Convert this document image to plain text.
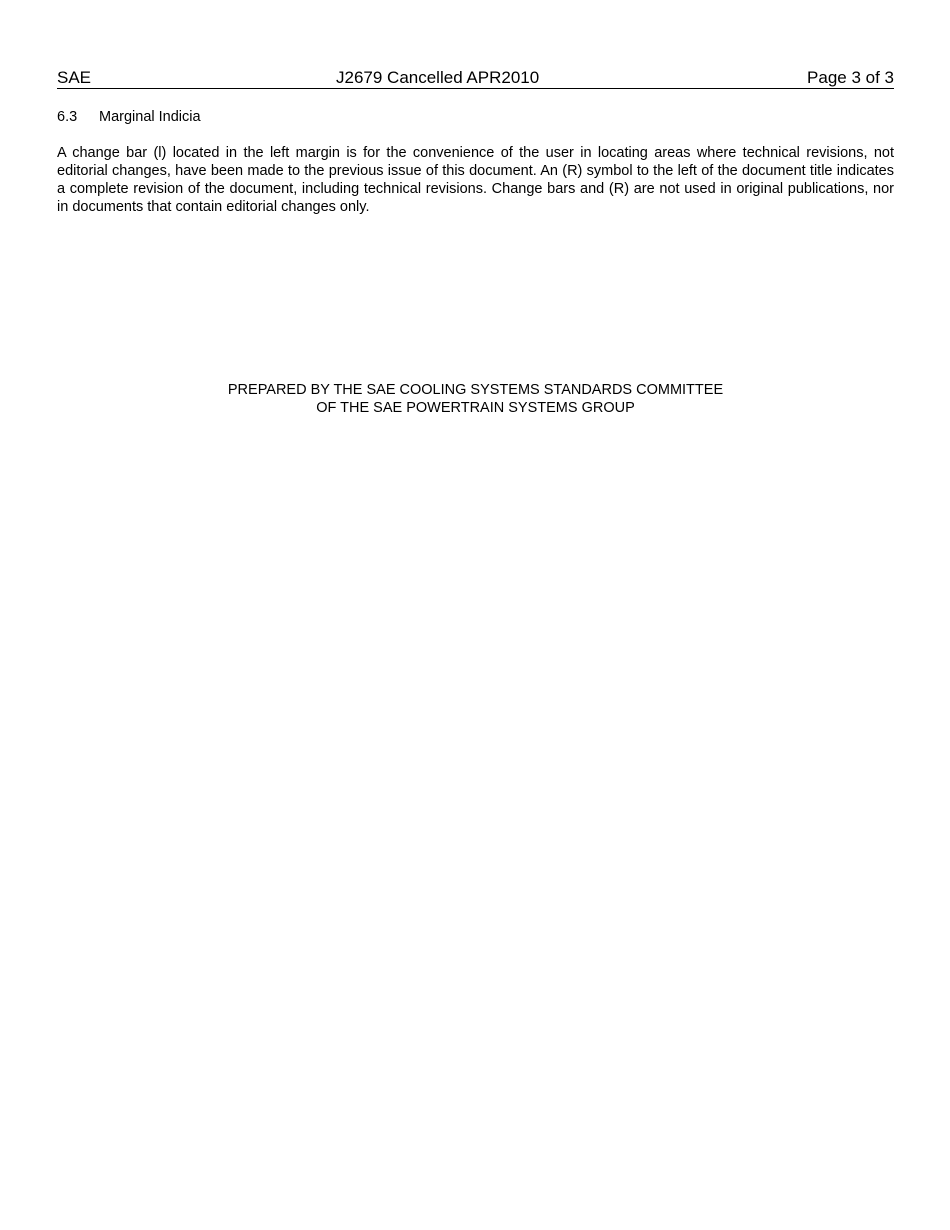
SAE	J2679 Cancelled APR2010	Page 3 of 3
6.3 Marginal Indicia

A change bar (l) located in the left margin is for the convenience of the user in locating areas where technical revisions, not editorial changes, have been made to the previous issue of this document. An (R) symbol to the left of the document title indicates a complete revision of the document, including technical revisions. Change bars and (R) are not used in original publications, nor in documents that contain editorial changes only.

PREPARED BY THE SAE COOLING SYSTEMS STANDARDS COMMITTEE
OF THE SAE POWERTRAIN SYSTEMS GROUP
